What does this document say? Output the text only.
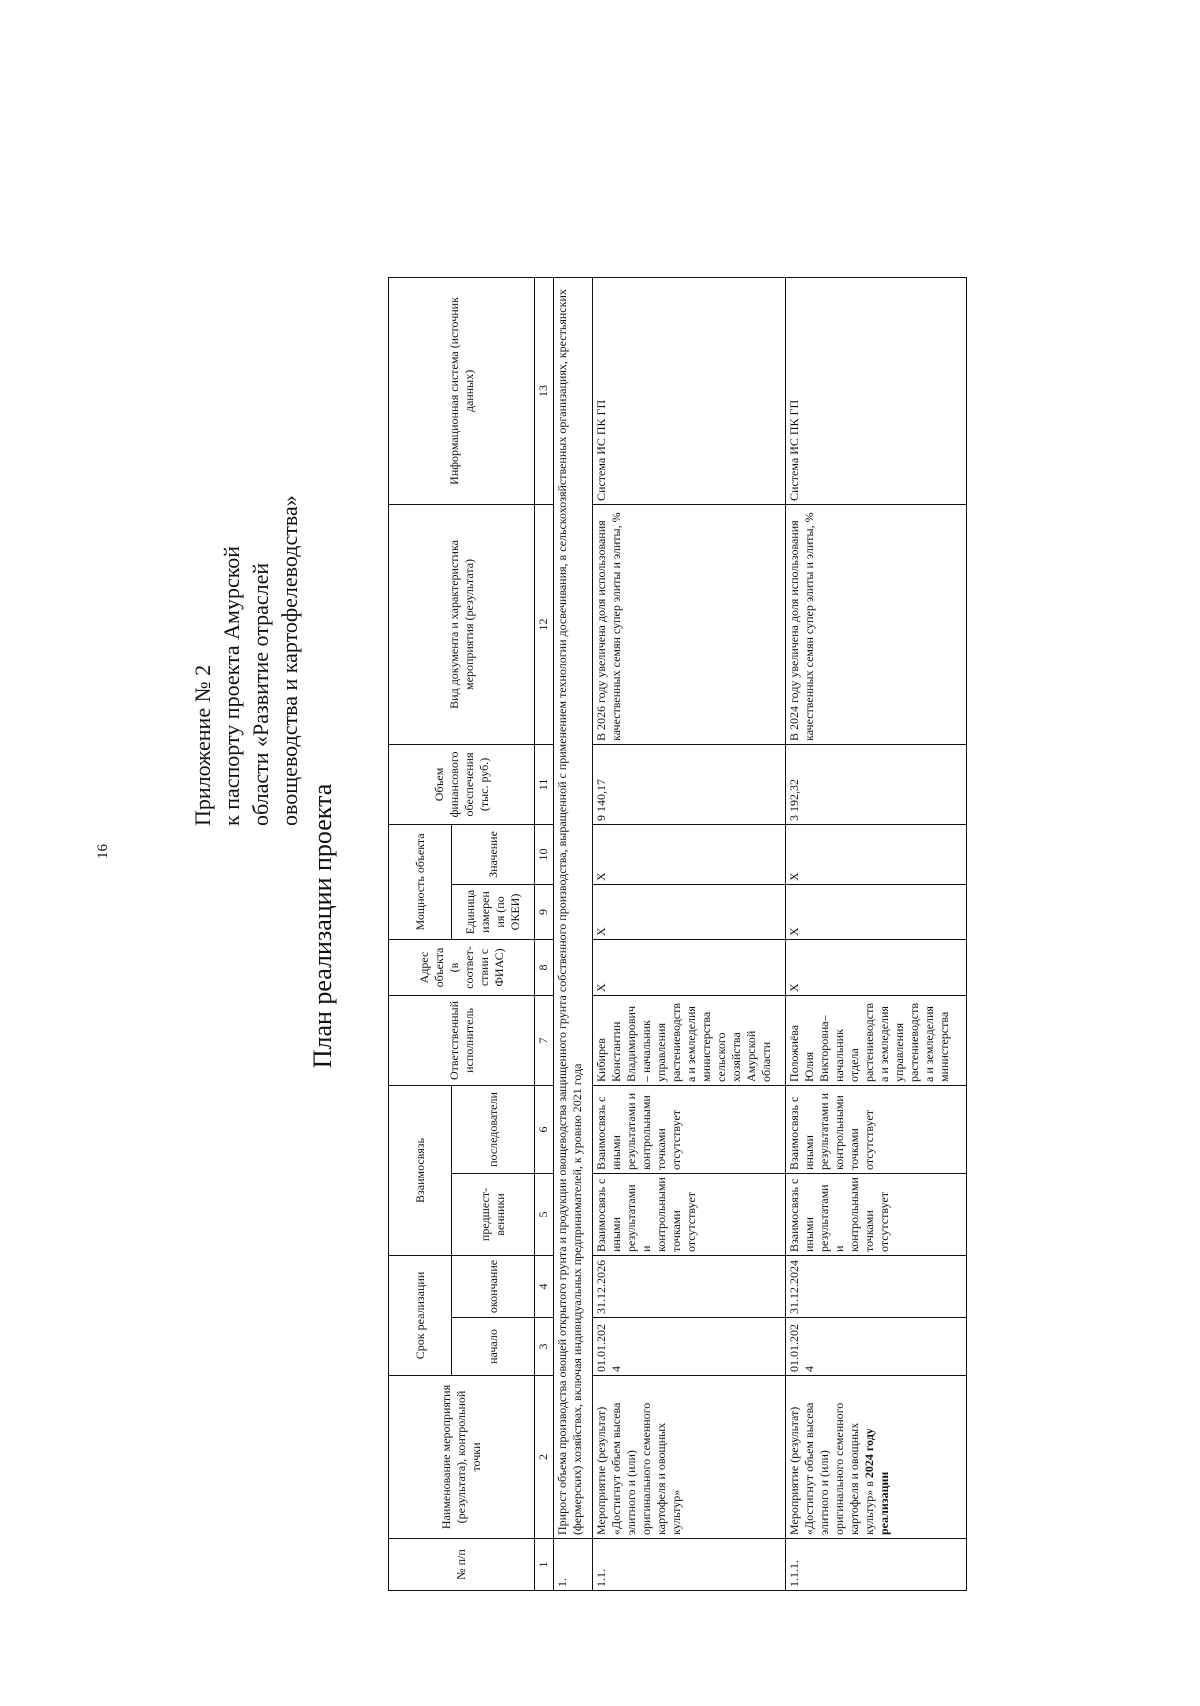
16
Приложение № 2 к паспорту проекта Амурской области «Развитие отраслей овощеводства и картофелеводства»
План реализации проекта
№ п/п	Наименование мероприятия (результата), контрольной точки	Срок реализации		Взаимосвязь		Ответственный исполнитель	Адрес объекта (в соответ-ствии с ФИАС)	Мощность объекта		Объем финансового обеспечения (тыс. руб.)	Вид документа и характеристика мероприятия (результата)	Информационная система (источник данных)
		начало	окончание	предшест-венники	последователи			Единица измерения (по ОКЕИ)	Значение			
1	2	3	4	5	6	7	8	9	10	11	12	13
1.	Прирост объема производства овощей открытого грунта и продукции овощеводства защищенного грунта собственного производства, выращенной с применением технологии досвечивания, в сельскохозяйственных организациях, крестьянских (фермерских) хозяйствах, включая индивидуальных предпринимателей, к уровню 2021 года											
1.1.	Мероприятие (результат) «Достигнут объем высева элитного и (или) оригинального семенного картофеля и овощных культур»	01.01.2024	31.12.2026	Взаимосвязь с иными результатами и контрольными точками отсутствует	Взаимосвязь с иными результатами и контрольными точками отсутствует	Кибирев Константин Владимирович – начальник управления растениеводства и земледелия министерства сельского хозяйства Амурской области	Х	Х	Х	9 140,17	В 2026 году увеличена доля использования качественных семян супер элиты и элиты, %	Система ИС ПК ГП
1.1.1.	Мероприятие (результат) «Достигнут объем высева элитного и (или) оригинального семенного картофеля и овощных культур» в 2024 году реализации	01.01.2024	31.12.2024	Взаимосвязь с иными результатами и контрольными точками отсутствует	Взаимосвязь с иными результатами и контрольными точками отсутствует	Положиёва Юлия Викторовна– начальник отдела растениеводства и земледелия управления растениеводства и земледелия министерства	Х	Х	Х	3 192,32	В 2024 году увеличена доля использования качественных семян супер элиты и элиты, %	Система ИС ПК ГП
